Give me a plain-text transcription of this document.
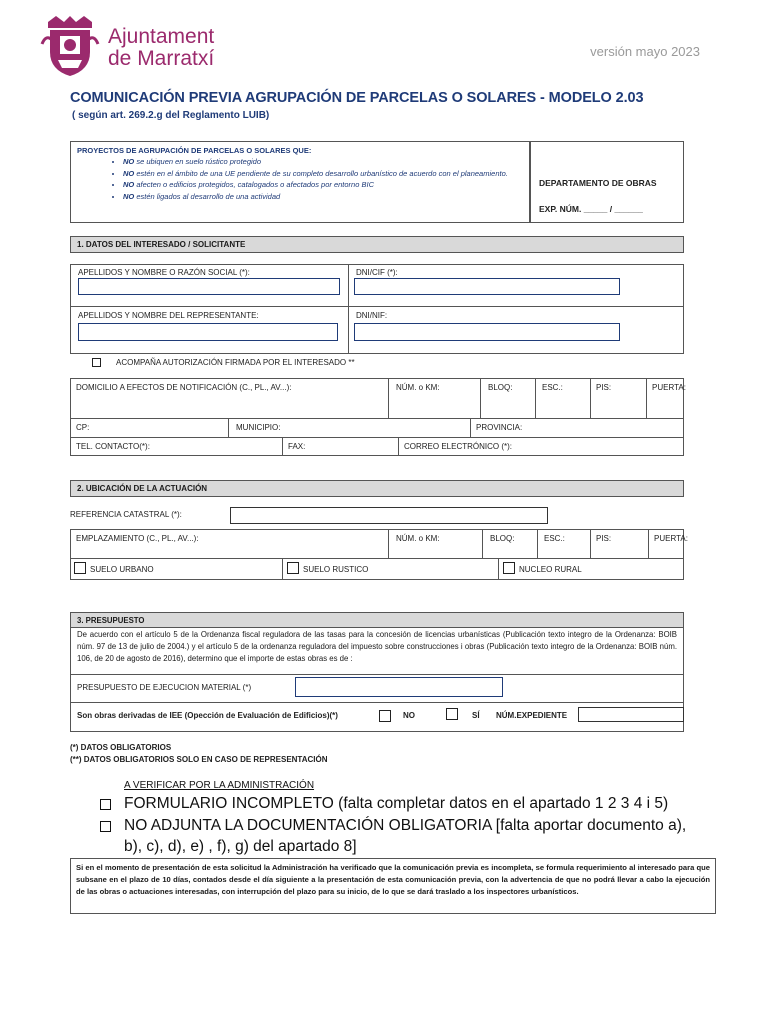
Ajuntament
de Marratxí	versión mayo 2023
COMUNICACIÓN PREVIA AGRUPACIÓN DE PARCELAS O SOLARES - MODELO 2.03
( según art. 269.2.g del Reglamento LUIB)
PROYECTOS DE AGRUPACIÓN DE PARCELAS O SOLARES QUE:
• NO se ubiquen en suelo rústico protegido
• NO estén en el ámbito de una UE pendiente de su completo desarrollo urbanístico de acuerdo con el planeamiento.
• NO afecten o edificios protegidos, catalogados o afectados por entorno BIC
• NO estén ligados al desarrollo de una actividad
DEPARTAMENTO DE OBRAS
EXP. NÚM. _____ / ______
1. DATOS DEL INTERESADO / SOLICITANTE
APELLIDOS Y NOMBRE O RAZÓN SOCIAL (*):	DNI/CIF (*):
APELLIDOS Y NOMBRE DEL REPRESENTANTE:	DNI/NIF:
ACOMPAÑA AUTORIZACIÓN FIRMADA POR EL INTERESADO **
DOMICILIO A EFECTOS DE NOTIFICACIÓN (C., PL., AV...):	NÚM. o KM:	BLOQ:	ESC.:	PIS:	PUERTA:
CP:	MUNICIPIO:	PROVINCIA:
TEL. CONTACTO(*):	FAX:	CORREO ELECTRÓNICO (*):
2. UBICACIÓN DE LA ACTUACIÓN
REFERENCIA CATASTRAL (*):
EMPLAZAMIENTO (C., PL., AV...):	NÚM. o KM:	BLOQ:	ESC.:	PIS:	PUERTA:
SUELO URBANO	SUELO RUSTICO	NUCLEO RURAL
3. PRESUPUESTO
De acuerdo con el artículo 5 de la Ordenanza fiscal reguladora de las tasas para la concesión de licencias urbanísticas (Publicación texto integro de la Ordenanza: BOIB núm. 97 de 13 de julio de 2004.) y el artículo 5 de la ordenanza reguladora del impuesto sobre construcciones i obras (Publicación texto integro de la Ordenanza: BOIB núm. 106, de 20 de agosto de 2016), determino que el importe de estas obras es de :
PRESUPUESTO DE EJECUCION MATERIAL (*)
Son obras derivadas de IEE (Opección de Evaluación de Edificios)(*)	NO	SÍ NÚM.EXPEDIENTE
(*) DATOS OBLIGATORIOS
(**) DATOS OBLIGATORIOS SOLO EN CASO DE REPRESENTACIÓN
A VERIFICAR POR LA ADMINISTRACIÓN
FORMULARIO INCOMPLETO (falta completar datos en el apartado 1 2 3 4 i 5)
NO ADJUNTA LA DOCUMENTACIÓN OBLIGATORIA [falta aportar documento a),
b), c), d), e) , f), g) del apartado 8]
Si en el momento de presentación de esta solicitud la Administración ha verificado que la comunicación previa es incompleta, se formula requerimiento al interesado para que subsane en el plazo de 10 días, contados desde el día siguiente a la presentación de esta comunicación previa, con la advertencia de que no podrá llevar a cabo la ejecución de las obras o actuaciones interesadas, con interrupción del plazo para su inicio, de lo que se dará traslado a los inspectores urbanísticos.
